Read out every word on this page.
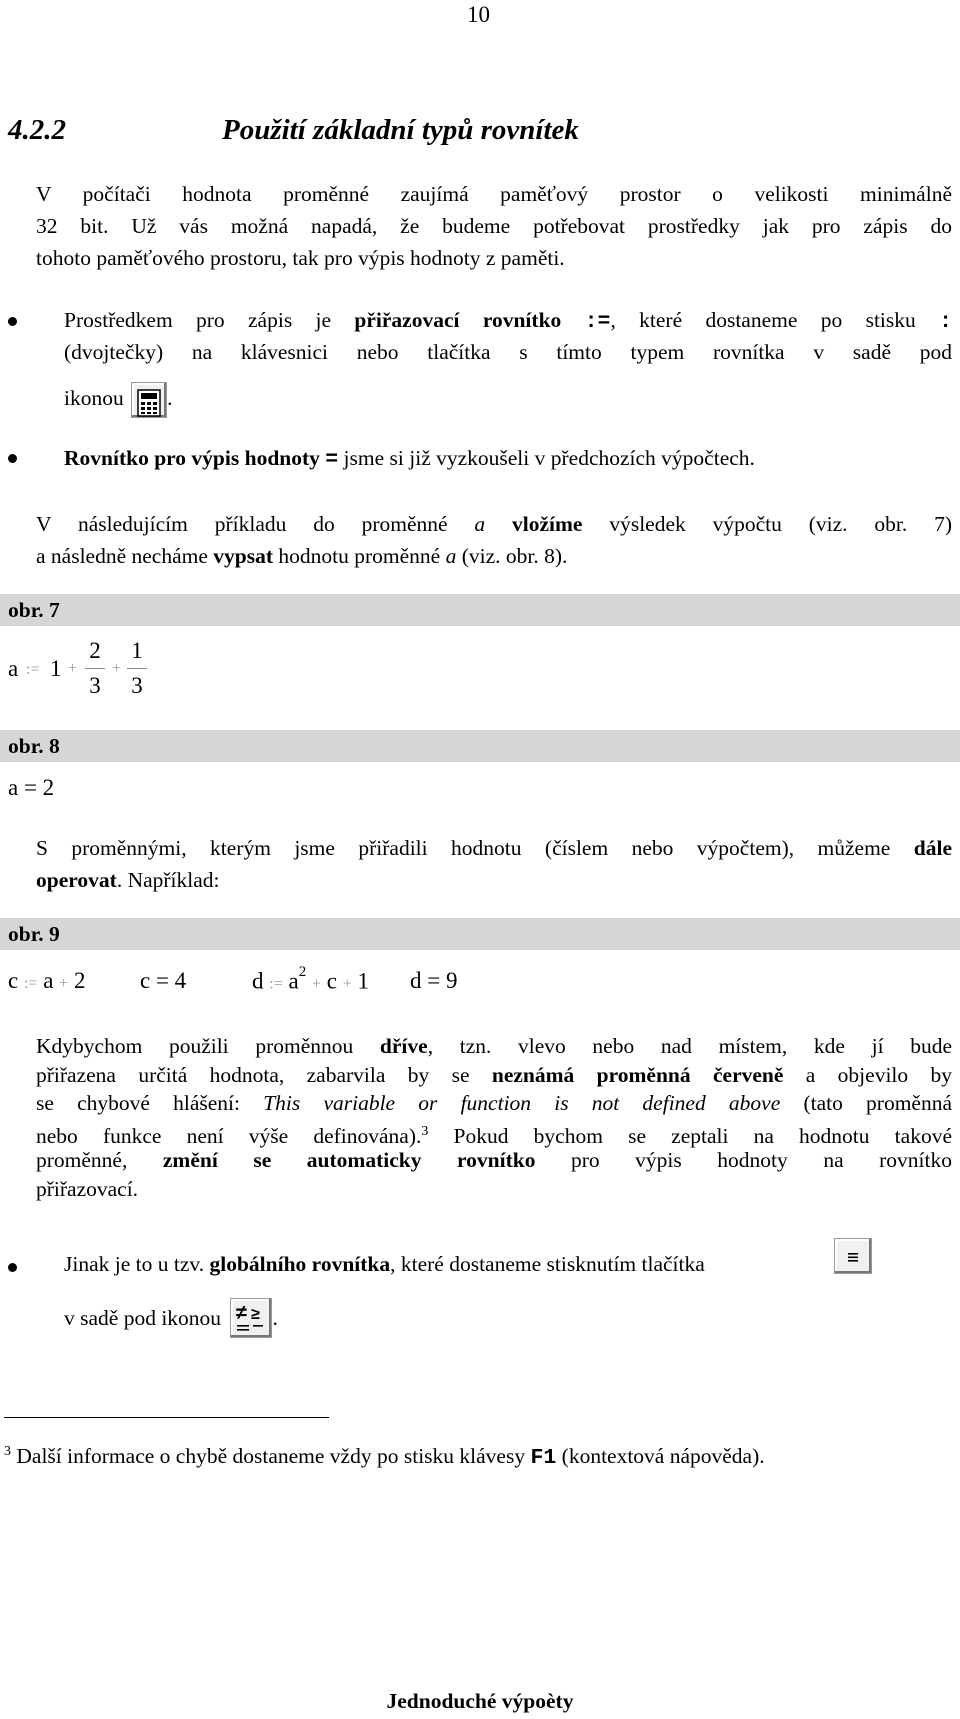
10
4.2.2	Použití základní typů rovnítek
V počítači hodnota proměnné zaujímá paměťový prostor o velikosti minimálně
32 bit. Už vás možná napadá, že budeme potřebovat prostředky jak pro zápis do
tohoto paměťového prostoru, tak pro výpis hodnoty z paměti.
Prostředkem pro zápis je přiřazovací rovnítko :=, které dostaneme po stisku :
(dvojtečky) na klávesnici nebo tlačítka s tímto typem rovnítka v sadě pod
ikonou .
Rovnítko pro výpis hodnoty = jsme si již vyzkoušeli v předchozích výpočtech.
V následujícím příkladu do proměnné a vložíme výsledek výpočtu (viz. obr. 7)
a následně necháme vypsat hodnotu proměnné a (viz. obr. 8).
obr. 7
a := 1 +
2
3
+
1
3
obr. 8
a = 2
S proměnnými, kterým jsme přiřadili hodnotu (číslem nebo výpočtem), můžeme dále
operovat. Například:
obr. 9
c := a + 2 c = 4	d := $a^2 + c + 1$ d = 9
Kdybychom použili proměnnou dříve, tzn. vlevo nebo nad místem, kde jí bude
přiřazena určitá hodnota, zabarvila by se neznámá proměnná červeně a objevilo by
se chybové hlášení: This variable or function is not defined above (tato proměnná
nebo funkce není výše definována).$^3$ Pokud bychom se zeptali na hodnotu takové
proměnné, změní se automaticky rovnítko pro výpis hodnoty na rovnítko
přiřazovací.
Jinak je to u tzv. globálního rovnítka, které dostaneme stisknutím tlačítka
v sadě pod ikonou ≠ ≥ .
$^3$ Další informace o chybě dostaneme vždy po stisku klávesy F1 (kontextová nápověda).
Jednoduché výpoèty
